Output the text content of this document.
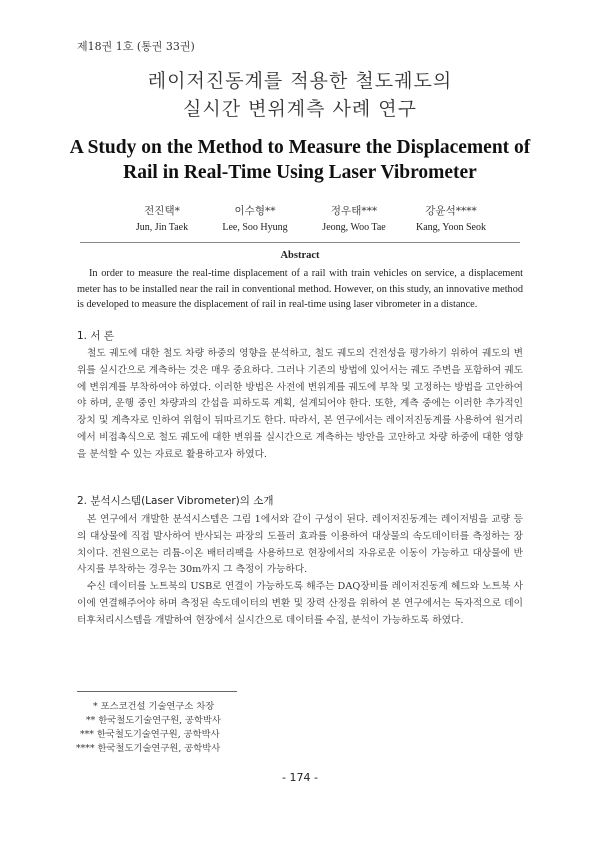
제18권 1호 (통권 33권)
레이저진동계를 적용한 철도궤도의
실시간 변위계측 사례 연구
A Study on the Method to Measure the Displacement of
Rail in Real-Time Using Laser Vibrometer
전진택*
Jun, Jin Taek
이수형**
Lee, Soo Hyung
정우태***
Jeong, Woo Tae
강윤석****
Kang, Yoon Seok
Abstract

In order to measure the real-time displacement of a rail with train vehicles on service, a displacement meter has to be installed near the rail in conventional method. However, on this study, an innovative method is developed to measure the displacement of rail in real-time using laser vibrometer in a distance.

1. 서 론

철도 궤도에 대한 철도 차량 하중의 영향을 분석하고, 철도 궤도의 건전성을 평가하기 위하여 궤도의 변위를 실시간으로 계측하는 것은 매우 중요하다. 그러나 기존의 방법에 있어서는 궤도 주변을 포함하여 궤도에 변위계를 부착하여야 하였다. 이러한 방법은 사전에 변위계를 궤도에 부착 및 고정하는 방법을 고안하여야 하며, 운행 중인 차량과의 간섭을 피하도록 계획, 설계되어야 한다. 또한, 계측 중에는 이러한 추가적인 장치 및 계측자로 인하여 위험이 뒤따르기도 한다. 따라서, 본 연구에서는 레이저진동계를 사용하여 원거리에서 비접촉식으로 철도 궤도에 대한 변위를 실시간으로 계측하는 방안을 고안하고 차량 하중에 대한 영향을 분석할 수 있는 자료로 활용하고자 하였다.

2. 분석시스템(Laser Vibrometer)의 소개

본 연구에서 개발한 분석시스템은 그림 1에서와 같이 구성이 된다. 레이저진동계는 레이저빔을 교량 등의 대상물에 직접 발사하여 반사되는 파장의 도플러 효과를 이용하여 대상물의 속도데이터를 측정하는 장치이다. 전원으로는 리튬-이온 배터리팩을 사용하므로 현장에서의 자유로운 이동이 가능하고 대상물에 반사지를 부착하는 경우는 30m까지 그 측정이 가능하다.

수신 데이터를 노트북의 USB로 연결이 가능하도록 해주는 DAQ장비를 레이저진동계 헤드와 노트북 사이에 연결해주어야 하며 측정된 속도데이터의 변환 및 장력 산정을 위하여 본 연구에서는 독자적으로 데이터후처리시스템을 개발하여 현장에서 실시간으로 데이터를 수집, 분석이 가능하도록 하였다.

* 포스코건설 기술연구소 차장
** 한국철도기술연구원, 공학박사
*** 한국철도기술연구원, 공학박사
**** 한국철도기술연구원, 공학박사
- 174 -
